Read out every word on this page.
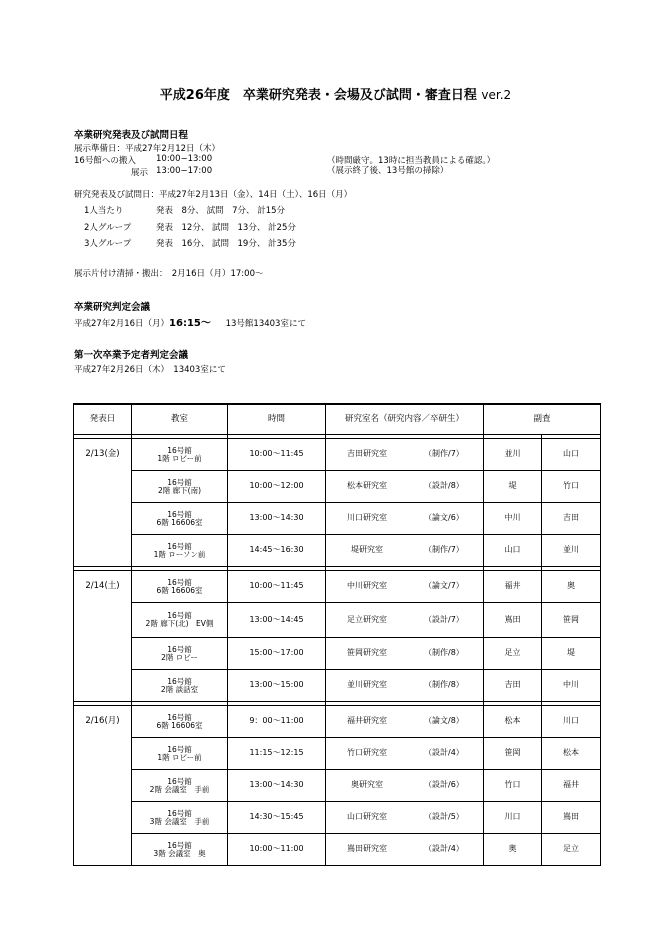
平成26年度　卒業研究発表・会場及び試問・審査日程 ver.2
卒業研究発表及び試問日程
展示準備日：平成27年2月12日（木）
16号館への搬入 10:00−13:00
展示 13:00−17:00
（時間厳守。13時に担当教員による確認。）
（展示終了後、13号館の掃除）
研究発表及び試問日：平成27年2月13日（金）、14日（土）、16日（月）
1人当たり	発表　8分、 試問　7分、 計15分
2人グループ	発表　12分、 試問　13分、 計25分
3人グループ	発表　16分、 試問　19分、 計35分
展示片付け清掃・搬出：　2月16日（月）17:00〜
卒業研究判定会議
平成27年2月16日（月）16:15〜 13号館13403室にて
第一次卒業予定者判定会議
平成27年2月26日（木）　13403室にて
発表日	教室	時間	研究室名（研究内容／卒研生）	副査	

2/13(金)	16号館
1階 ロビー前	10:00〜11:45	吉田研究室 （制作/7）	並川	山口

	16号館
2階 廊下(南)	10:00〜12:00	松本研究室 （設計/8）	堤	竹口

	16号館
6階 16606室	13:00〜14:30	川口研究室 （論文/6）	中川	吉田

	16号館
1階 ローソン前	14:45〜16:30	堤研究室 （制作/7）	山口	並川

2/14(土)	16号館
6階 16606室	10:00〜11:45	中川研究室 （論文/7）	福井	奥

	16号館
2階 廊下(北)　EV側	13:00〜14:45	足立研究室 （設計/7）	嶌田	笹岡

	16号館
2階 ロビー	15:00〜17:00	笹岡研究室 （制作/8）	足立	堤

	16号館
2階 談話室	13:00〜15:00	並川研究室 （制作/8）	吉田	中川

2/16(月)	16号館
6階 16606室	9：00〜11:00	福井研究室 （論文/8）	松本	川口

	16号館
1階 ロビー前	11:15〜12:15	竹口研究室 （設計/4）	笹岡	松本

	16号館
2階 会議室　手前	13:00〜14:30	奥研究室 （設計/6）	竹口	福井

	16号館
3階 会議室　手前	14:30〜15:45	山口研究室 （設計/5）	川口	嶌田

	16号館
3階 会議室　奥	10:00〜11:00	嶌田研究室 （設計/4）	奥	足立
